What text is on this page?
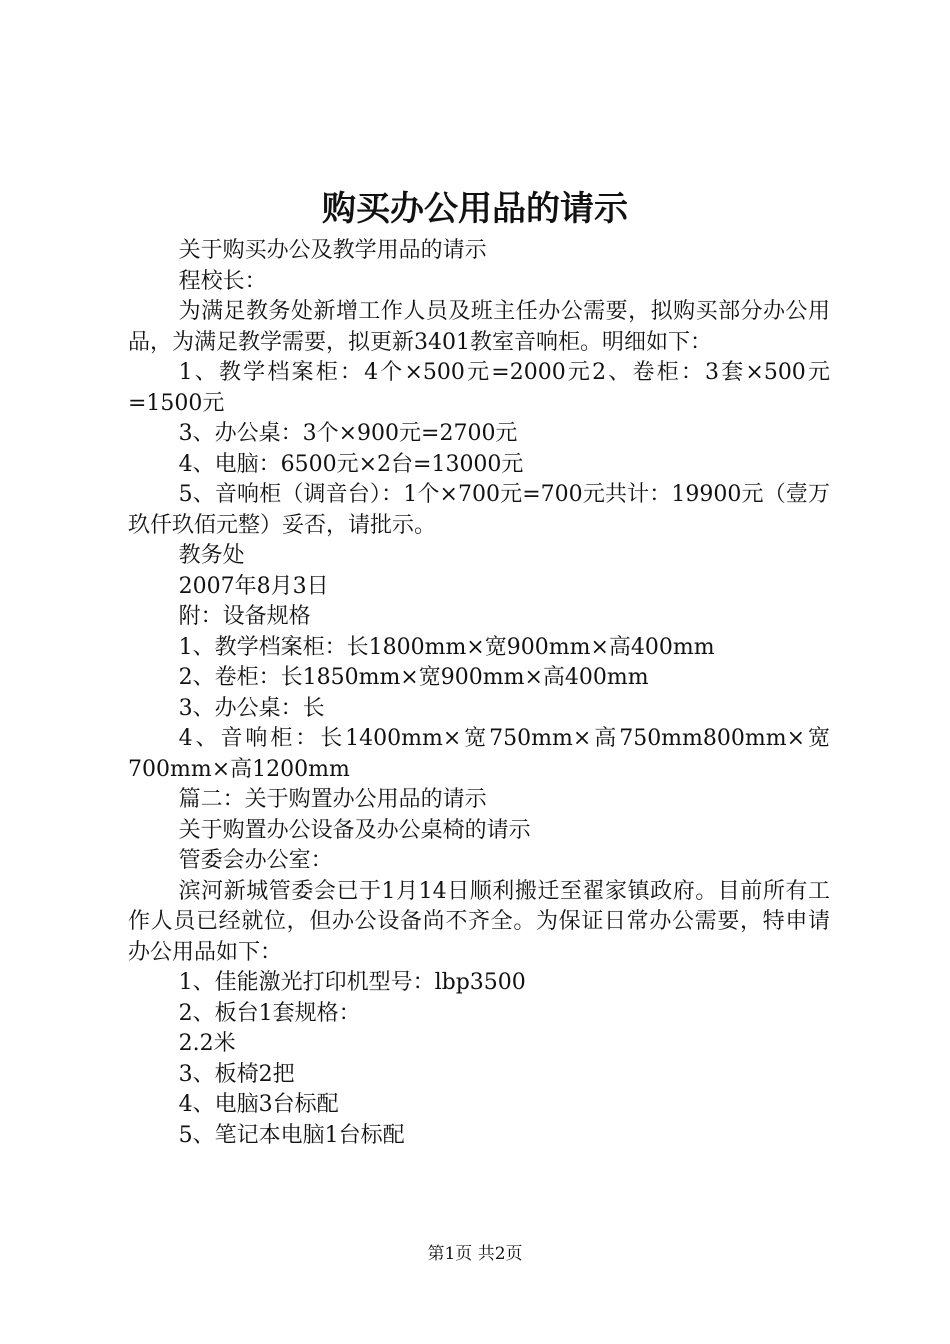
购买办公用品的请示

关于购买办公及教学用品的请示

程校长：

为满足教务处新增工作人员及班主任办公需要，拟购买部分办公用品，为满足教学需要，拟更新3401教室音响柜。明细如下：

1、教学档案柜：4个×500元=2000元2、卷柜：3套×500元=1500元

3、办公桌：3个×900元=2700元

4、电脑：6500元×2台=13000元

5、音响柜（调音台）：1个×700元=700元共计：19900元（壹万玖仟玖佰元整）妥否，请批示。

教务处

2007年8月3日

附：设备规格

1、教学档案柜：长1800mm×宽900mm×高400mm

2、卷柜：长1850mm×宽900mm×高400mm

3、办公桌：长

4、音响柜：长1400mm×宽750mm×高750mm800mm×宽700mm×高1200mm

篇二：关于购置办公用品的请示

关于购置办公设备及办公桌椅的请示

管委会办公室：

滨河新城管委会已于1月14日顺利搬迁至翟家镇政府。目前所有工作人员已经就位，但办公设备尚不齐全。为保证日常办公需要，特申请办公用品如下：

1、佳能激光打印机型号：lbp3500

2、板台1套规格：

2.2米

3、板椅2把

4、电脑3台标配

5、笔记本电脑1台标配

第1页 共2页
